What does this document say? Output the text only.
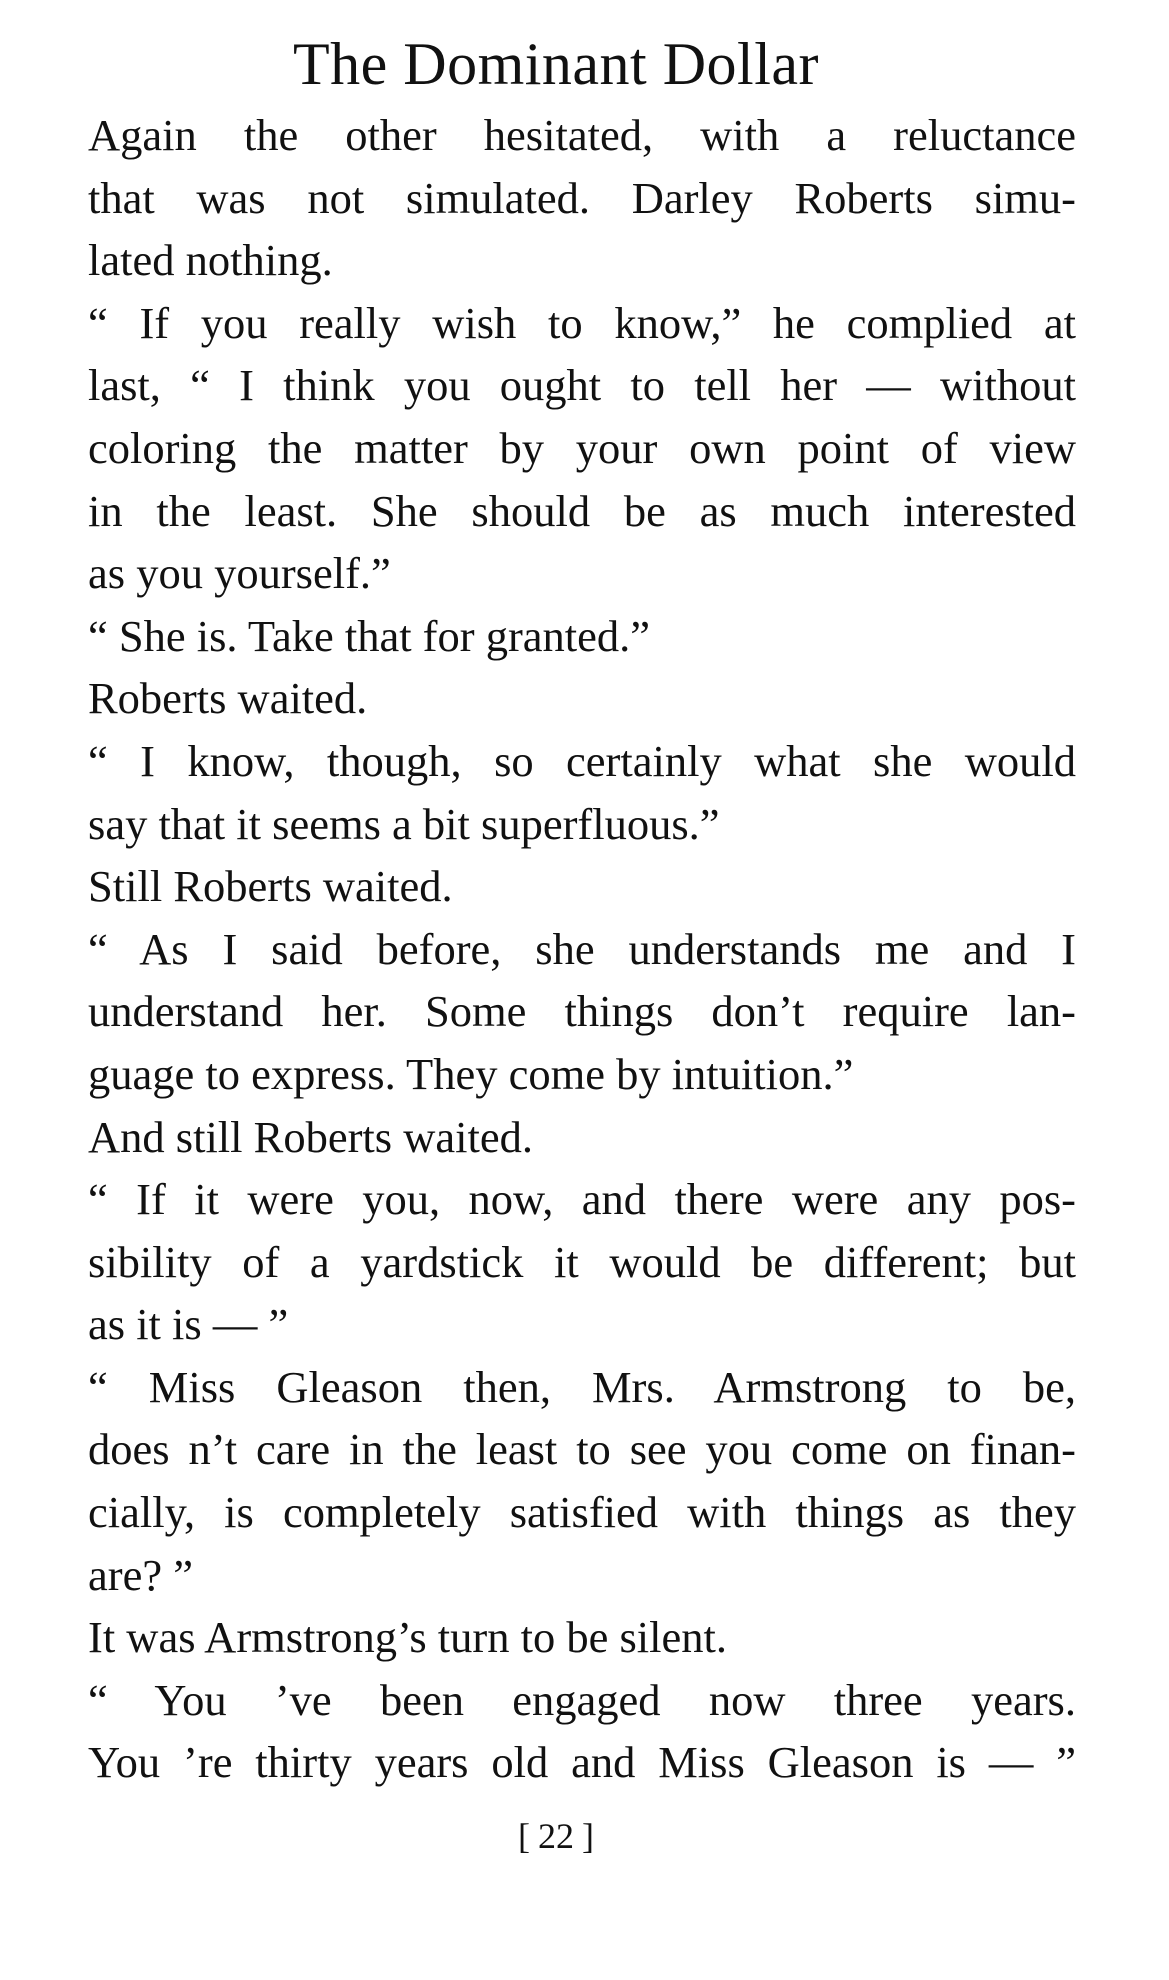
The Dominant Dollar

Again the other hesitated, with a reluctance
that was not simulated. Darley Roberts simu-
lated nothing.

“ If you really wish to know,” he complied at
last, “ I think you ought to tell her — without
coloring the matter by your own point of view
in the least. She should be as much interested
as you yourself.”

“ She is. Take that for granted.”

Roberts waited.

“ I know, though, so certainly what she would
say that it seems a bit superfluous.”

Still Roberts waited.

“ As I said before, she understands me and I
understand her. Some things don’t require lan-
guage to express. They come by intuition.”

And still Roberts waited.

“ If it were you, now, and there were any pos-
sibility of a yardstick it would be different; but
as it is — ”

“ Miss Gleason then, Mrs. Armstrong to be,
does n’t care in the least to see you come on finan-
cially, is completely satisfied with things as they
are? ”

It was Armstrong’s turn to be silent.

“ You ’ve been engaged now three years.
You ’re thirty years old and Miss Gleason is — ”

[ 22 ]
